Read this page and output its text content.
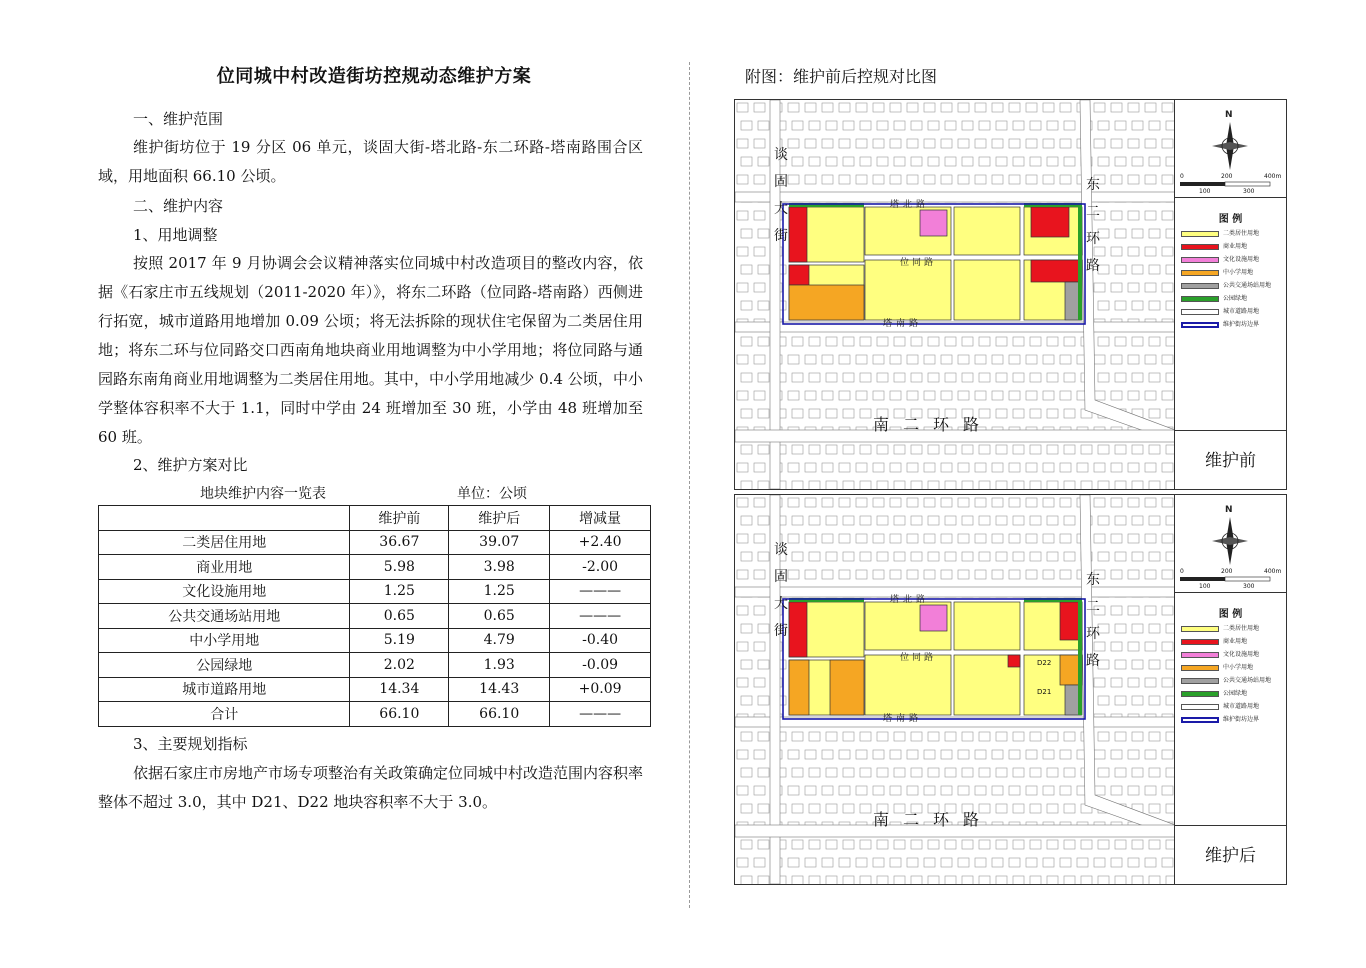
位同城中村改造街坊控规动态维护方案
一、维护范围
维护街坊位于 19 分区 06 单元，谈固大街-塔北路-东二环路-塔南路围合区域，用地面积 66.10 公顷。
二、维护内容
1、用地调整
按照 2017 年 9 月协调会会议精神落实位同城中村改造项目的整改内容，依据《石家庄市五线规划（2011-2020 年）》，将东二环路（位同路-塔南路）西侧进行拓宽，城市道路用地增加 0.09 公顷；将无法拆除的现状住宅保留为二类居住用地；将东二环与位同路交口西南角地块商业用地调整为中小学用地；将位同路与通园路东南角商业用地调整为二类居住用地。其中，中小学用地减少 0.4 公顷，中小学整体容积率不大于 1.1，同时中学由 24 班增加至 30 班，小学由 48 班增加至 60 班。
2、维护方案对比
地块维护内容一览表	单位：公顷
	维护前	维护后	增减量
二类居住用地	36.67	39.07	+2.40
商业用地	5.98	3.98	-2.00
文化设施用地	1.25	1.25	———
公共交通场站用地	0.65	0.65	———
中小学用地	5.19	4.79	-0.40
公园绿地	2.02	1.93	-0.09
城市道路用地	14.34	14.43	+0.09
合计	66.10	66.10	———
3、主要规划指标
依据石家庄市房地产市场专项整治有关政策确定位同城中村改造范围内容积率整体不超过 3.0，其中 D21、D22 地块容积率不大于 3.0。
附图：维护前后控规对比图
谈固大街
东二环路
南二环路
塔北路
塔南路
位同路
N
0	200	400m
100	300
图 例
二类居住用地
商业用地
文化设施用地
中小学用地
公共交通场站用地
公园绿地
城市道路用地
维护街坊边界
维护前
谈固大街
东二环路
南二环路
塔北路
塔南路
位同路	D22
D21
N
0	200	400m
100	300
图 例
二类居住用地
商业用地
文化设施用地
中小学用地
公共交通场站用地
公园绿地
城市道路用地
维护街坊边界
维护后
